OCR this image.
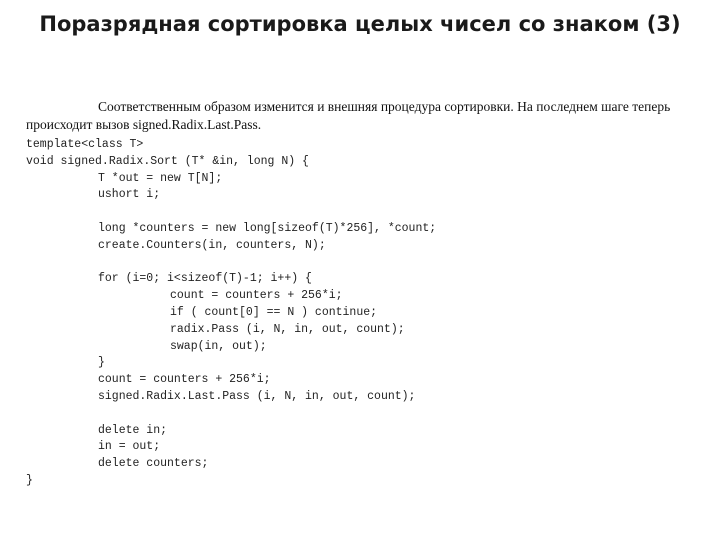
Поразрядная сортировка целых чисел со знаком (3)

Соответственным образом изменится и внешняя процедура сортировки. На последнем шаге теперь происходит вызов signed.Radix.Last.Pass.

template<class T>
void signed.Radix.Sort (T* &in, long N) {
T *out = new T[N];
ushort i;
long *counters = new long[sizeof(T)*256], *count;
create.Counters(in, counters, N);
for (i=0; i<sizeof(T)-1; i++) {
count = counters + 256*i;
if ( count[0] == N ) continue;
radix.Pass (i, N, in, out, count);
swap(in, out);
}
count = counters + 256*i;
signed.Radix.Last.Pass (i, N, in, out, count);
delete in;
in = out;
delete counters;
}
